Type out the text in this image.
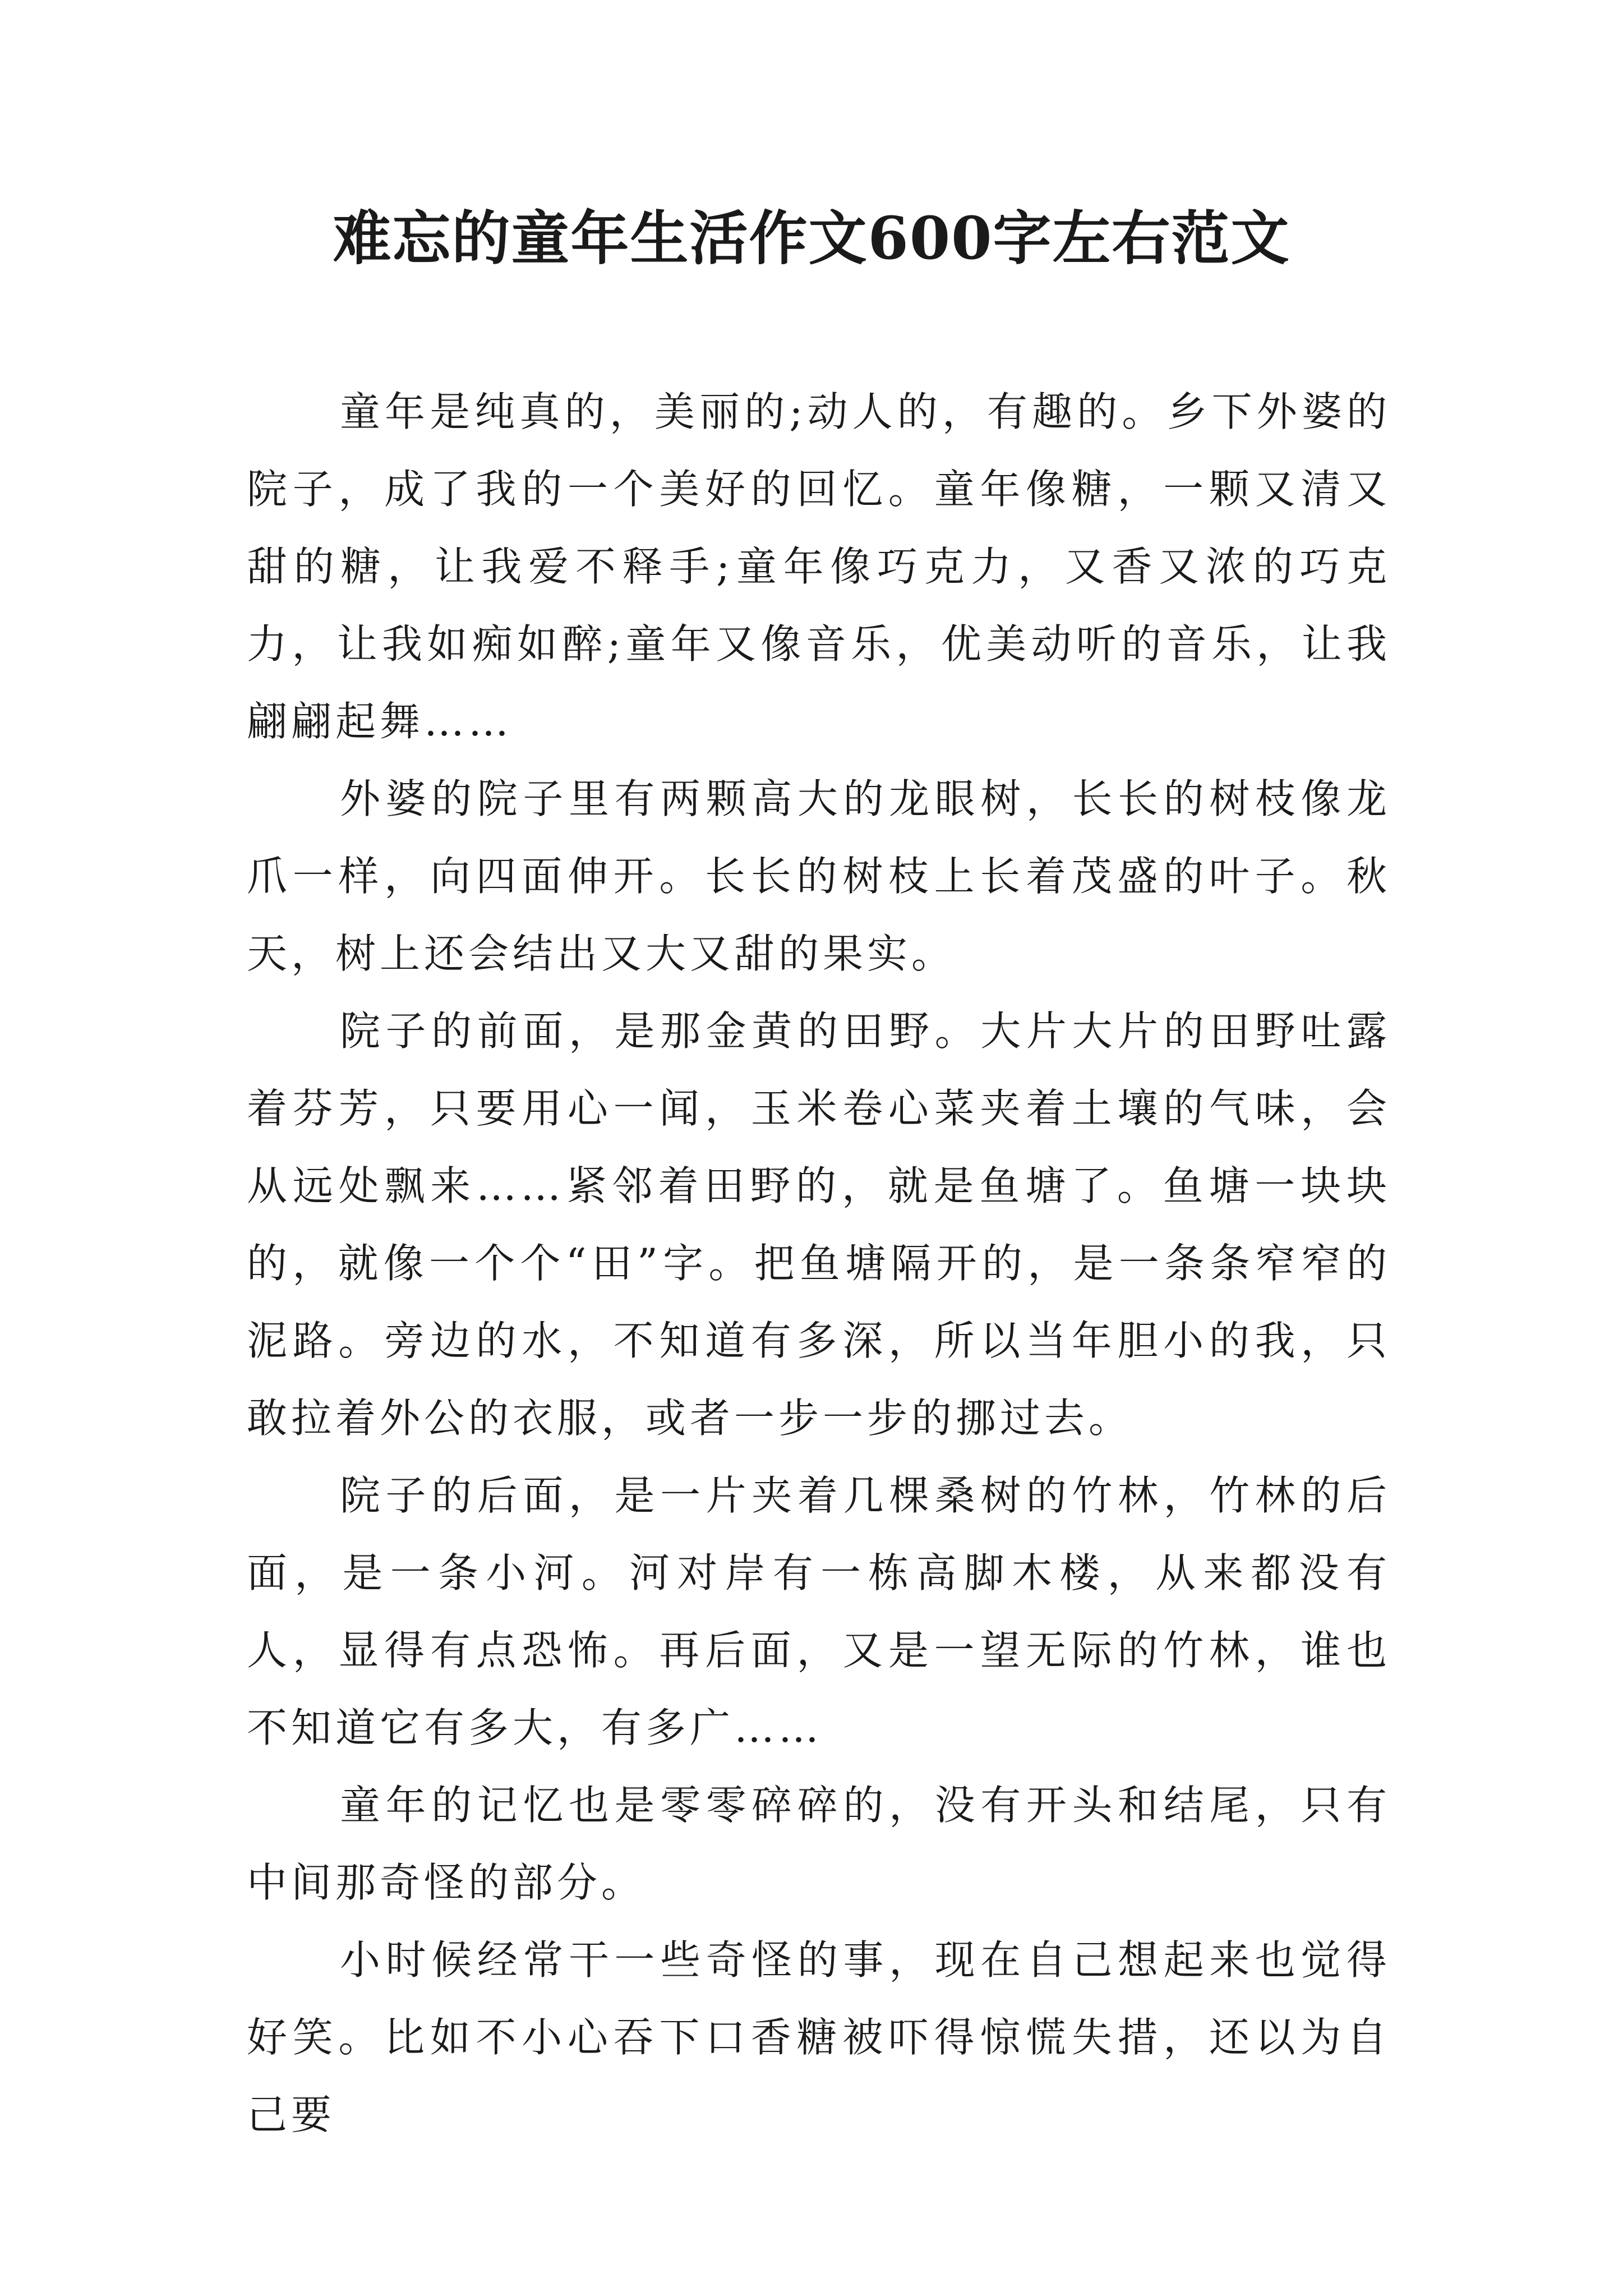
难忘的童年生活作文600字左右范文

童年是纯真的，美丽的;动人的，有趣的。乡下外婆的院子，成了我的一个美好的回忆。童年像糖，一颗又清又甜的糖，让我爱不释手;童年像巧克力，又香又浓的巧克力，让我如痴如醉;童年又像音乐，优美动听的音乐，让我翩翩起舞……

外婆的院子里有两颗高大的龙眼树，长长的树枝像龙爪一样，向四面伸开。长长的树枝上长着茂盛的叶子。秋天，树上还会结出又大又甜的果实。

院子的前面，是那金黄的田野。大片大片的田野吐露着芬芳，只要用心一闻，玉米卷心菜夹着土壤的气味，会从远处飘来……紧邻着田野的，就是鱼塘了。鱼塘一块块的，就像一个个“田”字。把鱼塘隔开的，是一条条窄窄的泥路。旁边的水，不知道有多深，所以当年胆小的我，只敢拉着外公的衣服，或者一步一步的挪过去。

院子的后面，是一片夹着几棵桑树的竹林，竹林的后面，是一条小河。河对岸有一栋高脚木楼，从来都没有人，显得有点恐怖。再后面，又是一望无际的竹林，谁也不知道它有多大，有多广……

童年的记忆也是零零碎碎的，没有开头和结尾，只有中间那奇怪的部分。

小时候经常干一些奇怪的事，现在自己想起来也觉得好笑。比如不小心吞下口香糖被吓得惊慌失措，还以为自己要
